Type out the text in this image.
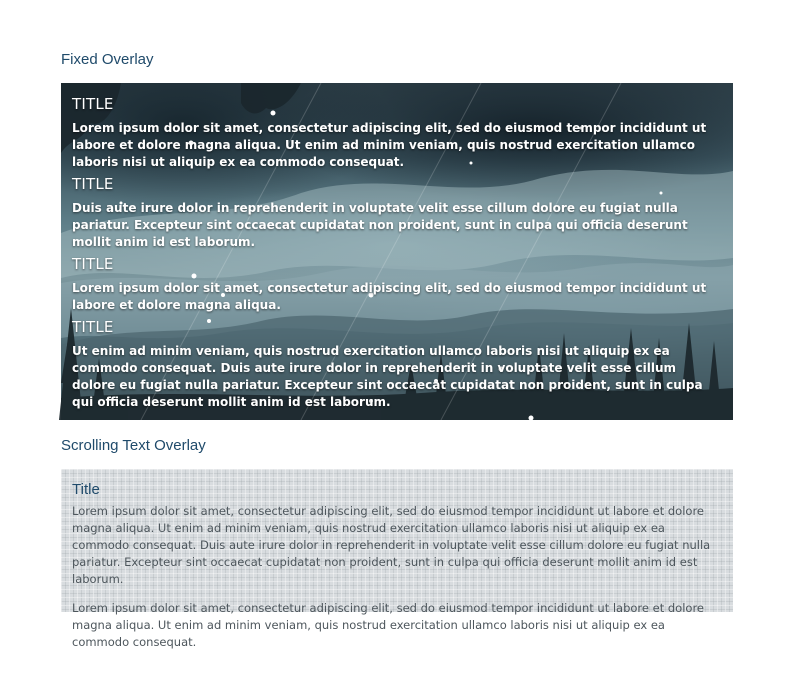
Fixed Overlay
TITLE

Lorem ipsum dolor sit amet, consectetur adipiscing elit, sed do eiusmod tempor incididunt ut labore et dolore magna aliqua. Ut enim ad minim veniam, quis nostrud exercitation ullamco laboris nisi ut aliquip ex ea commodo consequat.

TITLE

Duis aute irure dolor in reprehenderit in voluptate velit esse cillum dolore eu fugiat nulla pariatur. Excepteur sint occaecat cupidatat non proident, sunt in culpa qui officia deserunt mollit anim id est laborum.

TITLE

Lorem ipsum dolor sit amet, consectetur adipiscing elit, sed do eiusmod tempor incididunt ut labore et dolore magna aliqua.

TITLE

Ut enim ad minim veniam, quis nostrud exercitation ullamco laboris nisi ut aliquip ex ea commodo consequat. Duis aute irure dolor in reprehenderit in voluptate velit esse cillum dolore eu fugiat nulla pariatur. Excepteur sint occaecat cupidatat non proident, sunt in culpa qui officia deserunt mollit anim id est laborum.

Scrolling Text Overlay
Title

Lorem ipsum dolor sit amet, consectetur adipiscing elit, sed do eiusmod tempor incididunt ut labore et dolore magna aliqua. Ut enim ad minim veniam, quis nostrud exercitation ullamco laboris nisi ut aliquip ex ea commodo consequat. Duis aute irure dolor in reprehenderit in voluptate velit esse cillum dolore eu fugiat nulla pariatur. Excepteur sint occaecat cupidatat non proident, sunt in culpa qui officia deserunt mollit anim id est laborum.

Lorem ipsum dolor sit amet, consectetur adipiscing elit, sed do eiusmod tempor incididunt ut labore et dolore magna aliqua. Ut enim ad minim veniam, quis nostrud exercitation ullamco laboris nisi ut aliquip ex ea commodo consequat.
